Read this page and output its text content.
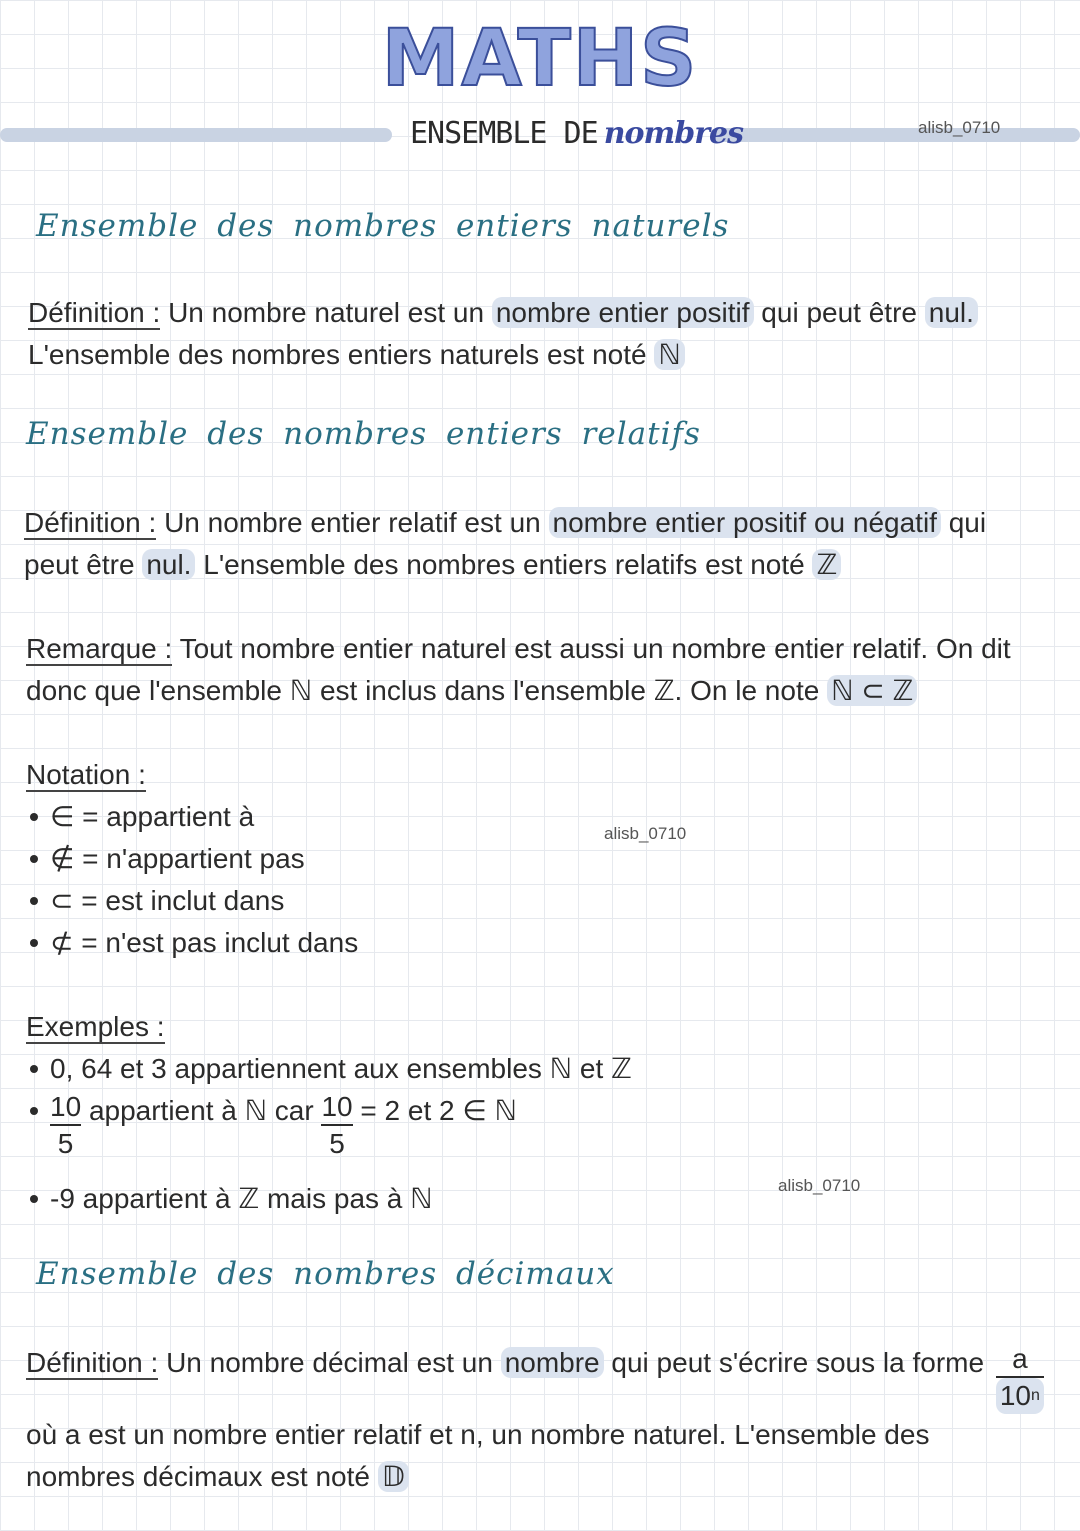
MATHS
ENSEMBLE DE nombres	alisb_0710
Ensemble des nombres entiers naturels
Définition : Un nombre naturel est un nombre entier positif qui peut être nul.
L'ensemble des nombres entiers naturels est noté ℕ
Ensemble des nombres entiers relatifs
Définition : Un nombre entier relatif est un nombre entier positif ou négatif qui
peut être nul. L'ensemble des nombres entiers relatifs est noté ℤ
Remarque : Tout nombre entier naturel est aussi un nombre entier relatif. On dit
donc que l'ensemble ℕ est inclus dans l'ensemble ℤ. On le note ℕ ⊂ ℤ
Notation :
∈ = appartient à
∉ = n'appartient pas
⊂ = est inclut dans
⊄ = n'est pas inclut dans
alisb_0710
Exemples :
0, 64 et 3 appartiennent aux ensembles ℕ et ℤ
$\frac{10}{5}$ appartient à ℕ car $\frac{10}{5} = 2$ et 2 ∈ ℕ
-9 appartient à ℤ mais pas à ℕ	alisb_0710
Ensemble des nombres décimaux
Définition : Un nombre décimal est un nombre qui peut s'écrire sous la forme $\frac{a}{10^n}$

où a est un nombre entier relatif et n, un nombre naturel. L'ensemble des
nombres décimaux est noté 𝔻
